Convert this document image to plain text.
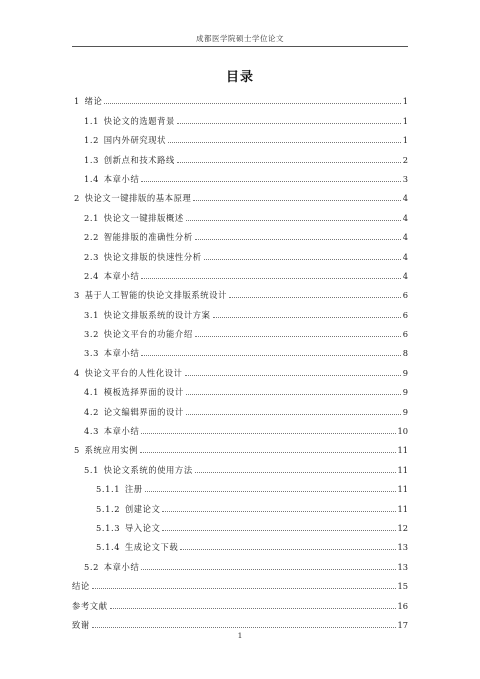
成都医学院硕士学位论文
目录
1  绪论	1
1.1  快论文的选题背景	1
1.2  国内外研究现状	1
1.3  创新点和技术路线	2
1.4  本章小结	3
2  快论文一键排版的基本原理	4
2.1  快论文一键排版概述	4
2.2  智能排版的准确性分析	4
2.3  快论文排版的快速性分析	4
2.4  本章小结	4
3  基于人工智能的快论文排版系统设计	6
3.1  快论文排版系统的设计方案	6
3.2  快论文平台的功能介绍	6
3.3  本章小结	8
4  快论文平台的人性化设计	9
4.1  模板选择界面的设计	9
4.2  论文编辑界面的设计	9
4.3  本章小结	10
5  系统应用实例	11
5.1  快论文系统的使用方法	11
5.1.1  注册	11
5.1.2  创建论文	11
5.1.3  导入论文	12
5.1.4  生成论文下载	13
5.2  本章小结	13
结论	15
参考文献	16
致谢	17
1
